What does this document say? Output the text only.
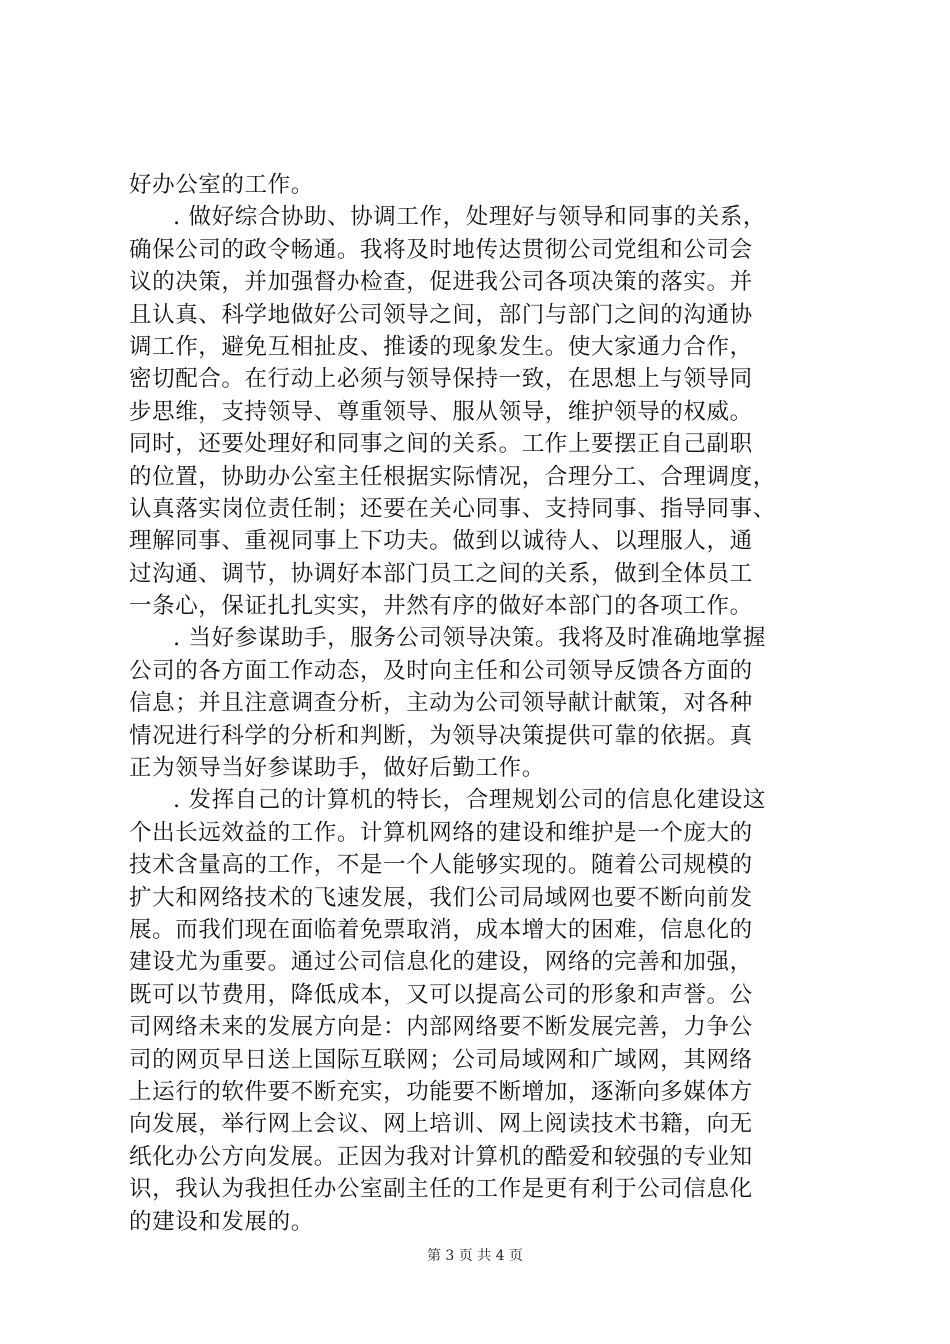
好办公室的工作。
. 做好综合协助、协调工作，处理好与领导和同事的关系，
确保公司的政令畅通。我将及时地传达贯彻公司党组和公司会
议的决策，并加强督办检查，促进我公司各项决策的落实。并
且认真、科学地做好公司领导之间，部门与部门之间的沟通协
调工作，避免互相扯皮、推诿的现象发生。使大家通力合作，
密切配合。在行动上必须与领导保持一致，在思想上与领导同
步思维，支持领导、尊重领导、服从领导，维护领导的权威。
同时，还要处理好和同事之间的关系。工作上要摆正自己副职
的位置，协助办公室主任根据实际情况，合理分工、合理调度，
认真落实岗位责任制；还要在关心同事、支持同事、指导同事、
理解同事、重视同事上下功夫。做到以诚待人、以理服人，通
过沟通、调节，协调好本部门员工之间的关系，做到全体员工
一条心，保证扎扎实实，井然有序的做好本部门的各项工作。
. 当好参谋助手，服务公司领导决策。我将及时准确地掌握
公司的各方面工作动态，及时向主任和公司领导反馈各方面的
信息；并且注意调查分析，主动为公司领导献计献策，对各种
情况进行科学的分析和判断，为领导决策提供可靠的依据。真
正为领导当好参谋助手，做好后勤工作。
. 发挥自己的计算机的特长，合理规划公司的信息化建设这
个出长远效益的工作。计算机网络的建设和维护是一个庞大的
技术含量高的工作，不是一个人能够实现的。随着公司规模的
扩大和网络技术的飞速发展，我们公司局域网也要不断向前发
展。而我们现在面临着免票取消，成本增大的困难，信息化的
建设尤为重要。通过公司信息化的建设，网络的完善和加强，
既可以节费用，降低成本，又可以提高公司的形象和声誉。公
司网络未来的发展方向是：内部网络要不断发展完善，力争公
司的网页早日送上国际互联网；公司局域网和广域网，其网络
上运行的软件要不断充实，功能要不断增加，逐渐向多媒体方
向发展，举行网上会议、网上培训、网上阅读技术书籍，向无
纸化办公方向发展。正因为我对计算机的酷爱和较强的专业知
识，我认为我担任办公室副主任的工作是更有利于公司信息化
的建设和发展的。
第 3 页 共 4 页
